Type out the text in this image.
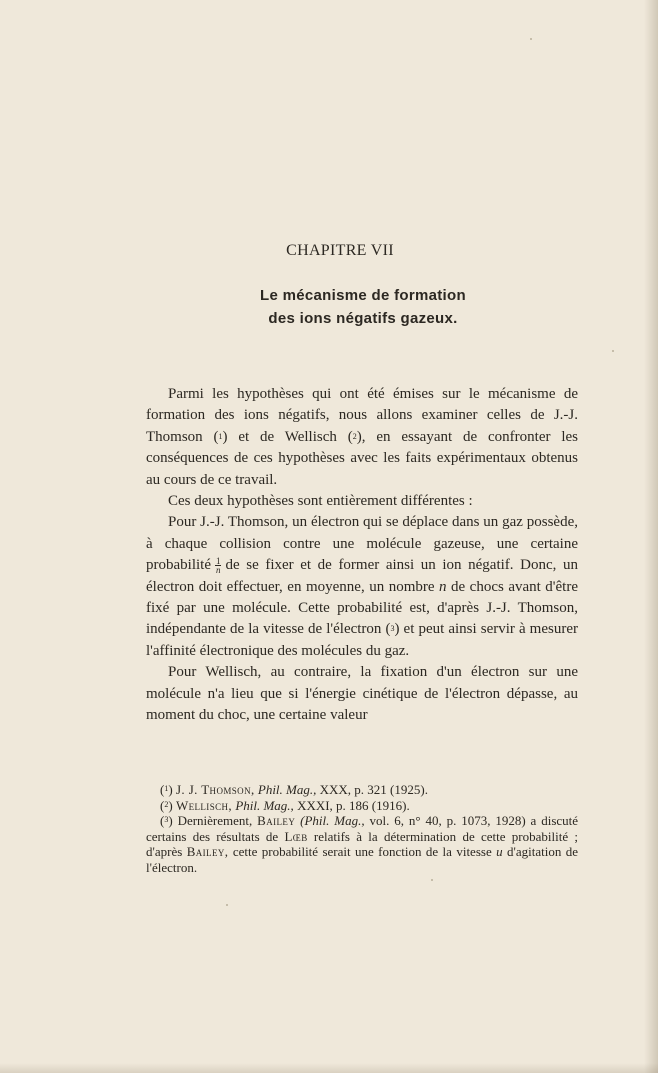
CHAPITRE VII
Le mécanisme de formation
des ions négatifs gazeux.

Parmi les hypothèses qui ont été émises sur le mécanisme de formation des ions négatifs, nous allons examiner celles de J.-J. Thomson ($^1$) et de Wellisch ($^2$), en essayant de confronter les conséquences de ces hypothèses avec les faits expérimentaux obtenus au cours de ce travail.

Ces deux hypothèses sont entièrement différentes :

Pour J.-J. Thomson, un électron qui se déplace dans un gaz possède, à chaque collision contre une molécule gazeuse, une certaine probabilité $\frac{1}{n}$ de se fixer et de former ainsi un ion négatif. Donc, un électron doit effectuer, en moyenne, un nombre n de chocs avant d'être fixé par une molécule. Cette probabilité est, d'après J.-J. Thomson, indépendante de la vitesse de l'électron ($^3$) et peut ainsi servir à mesurer l'affinité électronique des molécules du gaz.

Pour Wellisch, au contraire, la fixation d'un électron sur une molécule n'a lieu que si l'énergie cinétique de l'électron dépasse, au moment du choc, une certaine valeur

($^1$) J. J. Thomson, Phil. Mag., XXX, p. 321 (1925).

($^2$) Wellisch, Phil. Mag., XXXI, p. 186 (1916).

($^3$) Dernièrement, Bailey (Phil. Mag., vol. 6, n° 40, p. 1073, 1928) a discuté certains des résultats de Lœb relatifs à la détermination de cette probabilité ; d'après Bailey, cette probabilité serait une fonction de la vitesse u d'agitation de l'électron.
